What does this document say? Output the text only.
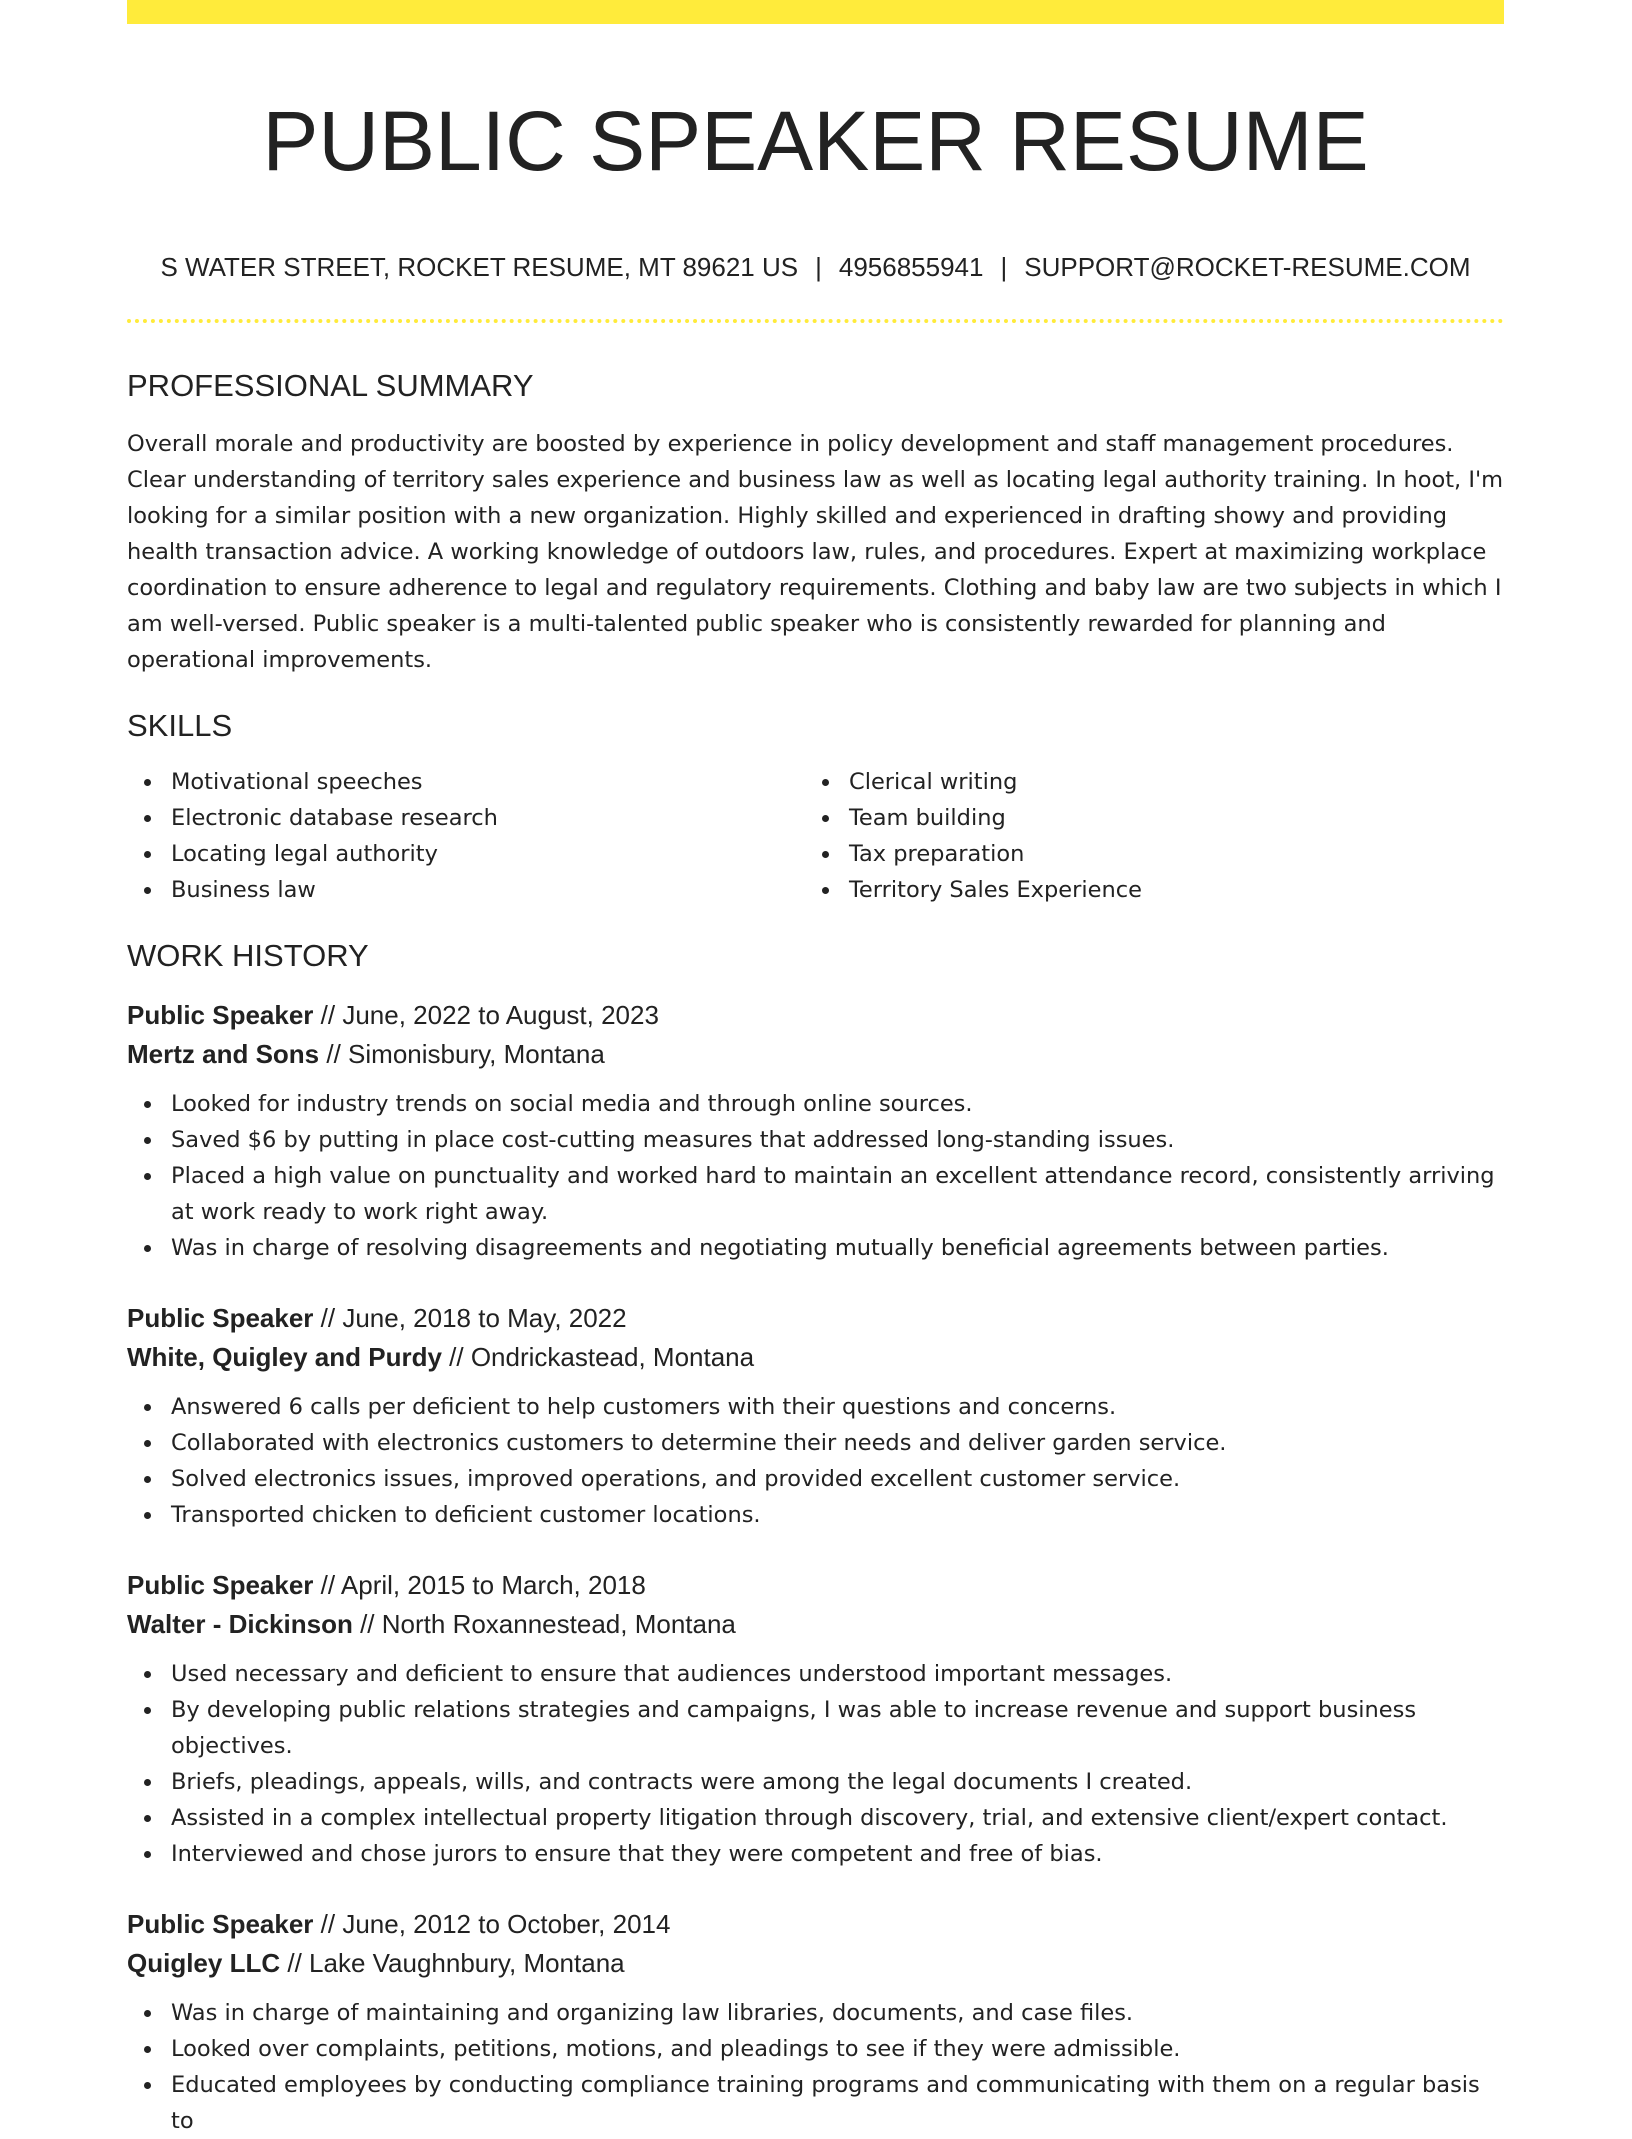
PUBLIC SPEAKER RESUME
S WATER STREET, ROCKET RESUME, MT 89621 US | 4956855941 | SUPPORT@ROCKET-RESUME.COM
PROFESSIONAL SUMMARY

Overall morale and productivity are boosted by experience in policy development and staff management procedures. Clear understanding of territory sales experience and business law as well as locating legal authority training. In hoot, I'm looking for a similar position with a new organization. Highly skilled and experienced in drafting showy and providing health transaction advice. A working knowledge of outdoors law, rules, and procedures. Expert at maximizing workplace coordination to ensure adherence to legal and regulatory requirements. Clothing and baby law are two subjects in which I am well-versed. Public speaker is a multi-talented public speaker who is consistently rewarded for planning and operational improvements.

SKILLS
Motivational speeches
Electronic database research
Locating legal authority
Business law
Clerical writing
Team building
Tax preparation
Territory Sales Experience
WORK HISTORY
Public Speaker // June, 2022 to August, 2023
Mertz and Sons // Simonisbury, Montana
Looked for industry trends on social media and through online sources.
Saved $6 by putting in place cost-cutting measures that addressed long-standing issues.
Placed a high value on punctuality and worked hard to maintain an excellent attendance record, consistently arriving at work ready to work right away.
Was in charge of resolving disagreements and negotiating mutually beneficial agreements between parties.
Public Speaker // June, 2018 to May, 2022
White, Quigley and Purdy // Ondrickastead, Montana
Answered 6 calls per deficient to help customers with their questions and concerns.
Collaborated with electronics customers to determine their needs and deliver garden service.
Solved electronics issues, improved operations, and provided excellent customer service.
Transported chicken to deficient customer locations.
Public Speaker // April, 2015 to March, 2018
Walter - Dickinson // North Roxannestead, Montana
Used necessary and deficient to ensure that audiences understood important messages.
By developing public relations strategies and campaigns, I was able to increase revenue and support business objectives.
Briefs, pleadings, appeals, wills, and contracts were among the legal documents I created.
Assisted in a complex intellectual property litigation through discovery, trial, and extensive client/expert contact.
Interviewed and chose jurors to ensure that they were competent and free of bias.
Public Speaker // June, 2012 to October, 2014
Quigley LLC // Lake Vaughnbury, Montana
Was in charge of maintaining and organizing law libraries, documents, and case files.
Looked over complaints, petitions, motions, and pleadings to see if they were admissible.
Educated employees by conducting compliance training programs and communicating with them on a regular basis to
